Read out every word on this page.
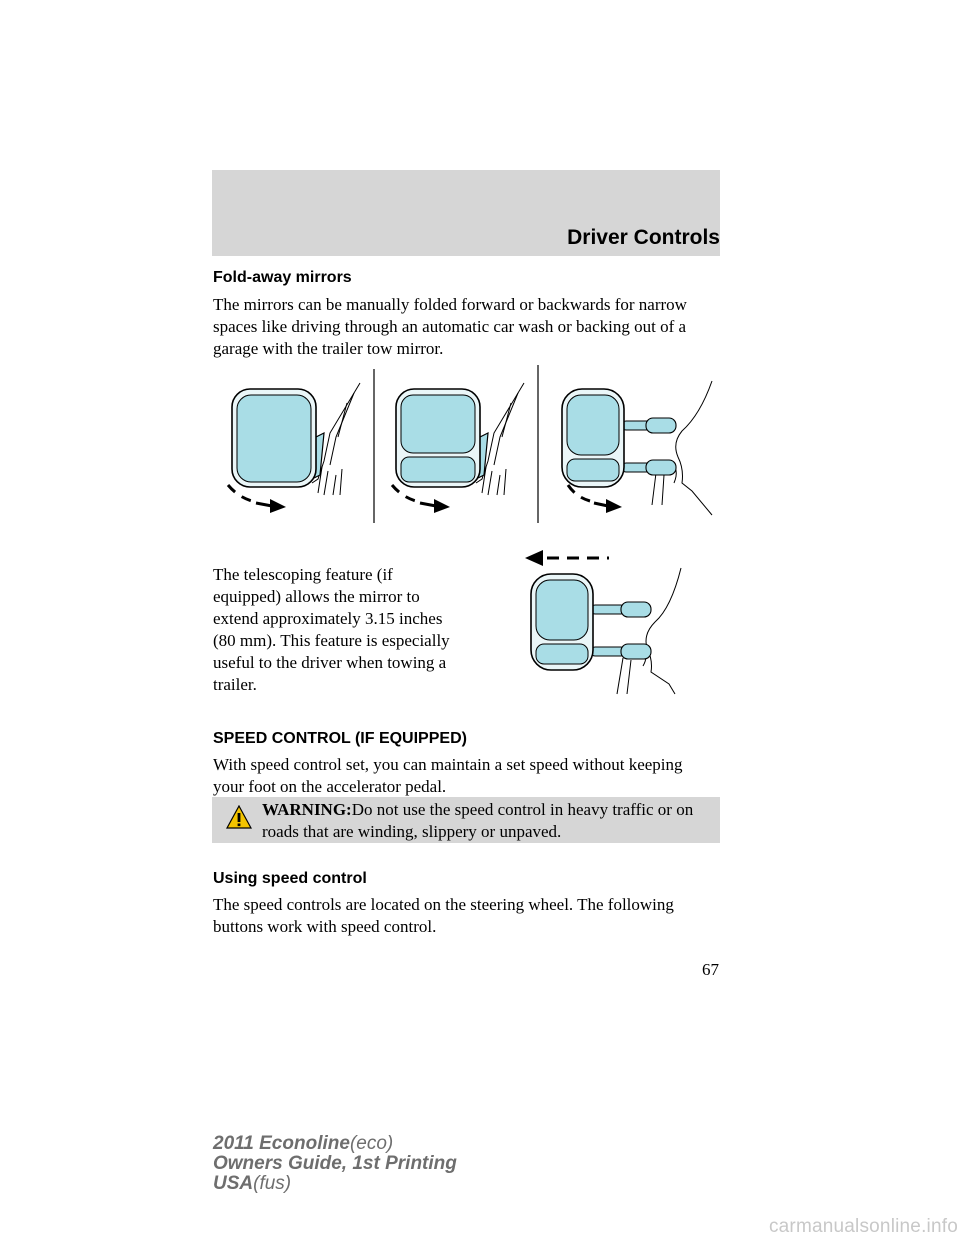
Driver Controls
Fold-away mirrors
The mirrors can be manually folded forward or backwards for narrow spaces like driving through an automatic car wash or backing out of a garage with the trailer tow mirror.
The telescoping feature (if equipped) allows the mirror to extend approximately 3.15 inches (80 mm). This feature is especially useful to the driver when towing a trailer.
SPEED CONTROL (IF EQUIPPED)
With speed control set, you can maintain a set speed without keeping your foot on the accelerator pedal.
WARNING:Do not use the speed control in heavy traffic or on roads that are winding, slippery or unpaved.
Using speed control
The speed controls are located on the steering wheel. The following buttons work with speed control.
67
2011 Econoline(eco)
Owners Guide, 1st Printing
USA(fus)
carmanualsonline.info
